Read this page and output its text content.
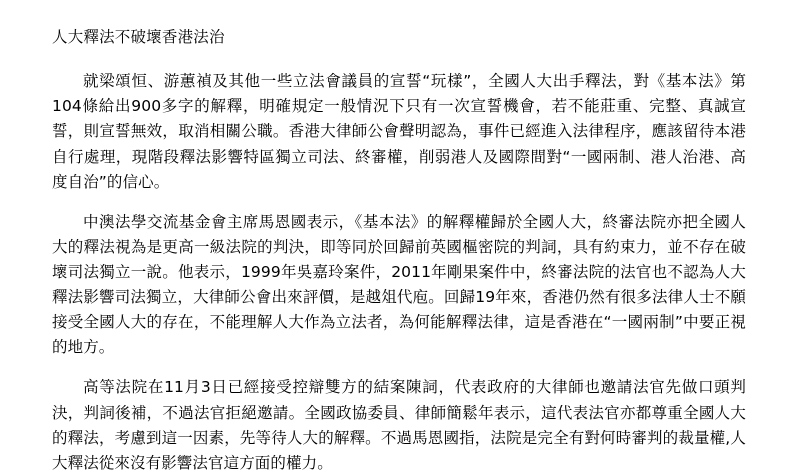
人大釋法不破壞香港法治

就梁頌恒、游蕙禎及其他一些立法會議員的宣誓“玩樣”，全國人大出手釋法，對《基本法》第104條給出900多字的解釋，明確規定一般情況下只有一次宣誓機會，若不能莊重、完整、真誠宣誓，則宣誓無效，取消相關公職。香港大律師公會聲明認為，事件已經進入法律程序，應該留待本港自行處理，現階段釋法影響特區獨立司法、終審權，削弱港人及國際間對“一國兩制、港人治港、高度自治”的信心。

中澳法學交流基金會主席馬恩國表示，《基本法》的解釋權歸於全國人大，終審法院亦把全國人大的釋法視為是更高一級法院的判決，即等同於回歸前英國樞密院的判詞，具有約束力，並不存在破壞司法獨立一說。他表示，1999年吳嘉玲案件，2011年剛果案件中，終審法院的法官也不認為人大釋法影響司法獨立，大律師公會出來評價，是越俎代庖。回歸19年來，香港仍然有很多法律人士不願接受全國人大的存在，不能理解人大作為立法者，為何能解釋法律，這是香港在“一國兩制”中要正視的地方。

高等法院在11月3日已經接受控辯雙方的結案陳詞，代表政府的大律師也邀請法官先做口頭判決，判詞後補，不過法官拒絕邀請。全國政協委員、律師簡鬆年表示，這代表法官亦都尊重全國人大的釋法，考慮到這一因素，先等待人大的解釋。不過馬恩國指，法院是完全有對何時審判的裁量權,人大釋法從來沒有影響法官這方面的權力。
